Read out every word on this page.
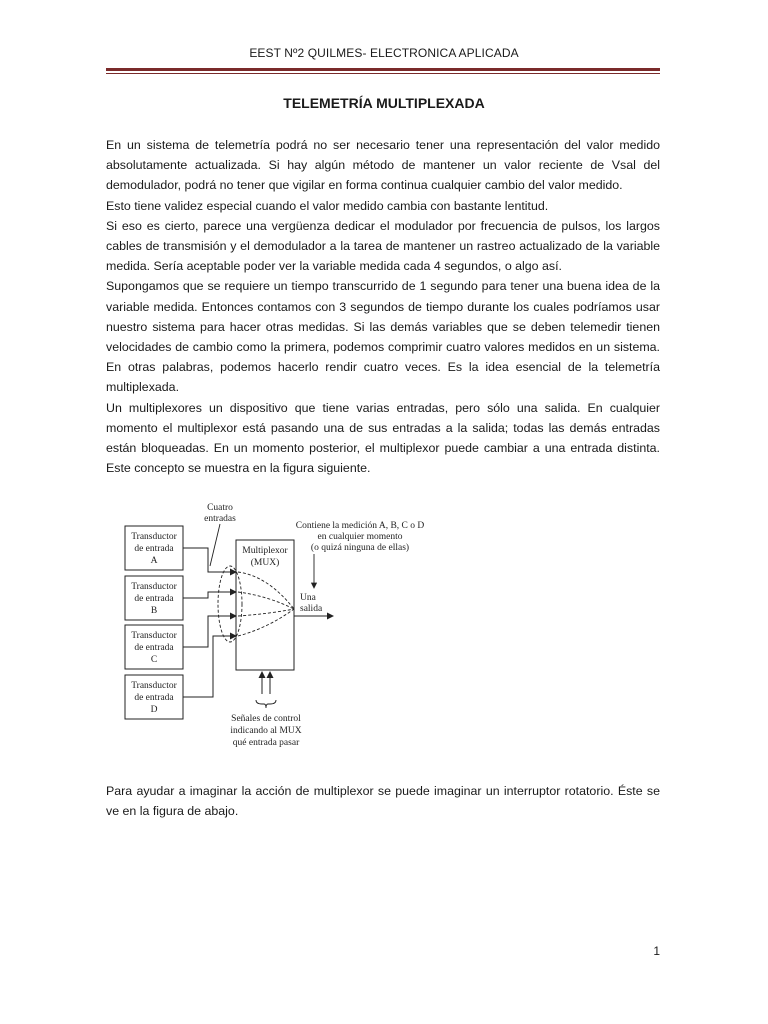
EEST Nº2 QUILMES- ELECTRONICA APLICADA
TELEMETRÍA MULTIPLEXADA

En un sistema de telemetría podrá no ser necesario tener una representación del valor medido absolutamente actualizada. Si hay algún método de mantener un valor reciente de Vsal del demodulador, podrá no tener que vigilar en forma continua cualquier cambio del valor medido.

Esto tiene validez especial cuando el valor medido cambia con bastante lentitud.

Si eso es cierto, parece una vergüenza dedicar el modulador por frecuencia de pulsos, los largos cables de transmisión y el demodulador a la tarea de mantener un rastreo actualizado de la variable medida. Sería aceptable poder ver la variable medida cada 4 segundos, o algo así.

Supongamos que se requiere un tiempo transcurrido de 1 segundo para tener una buena idea de la variable medida. Entonces contamos con 3 segundos de tiempo durante los cuales podríamos usar nuestro sistema para hacer otras medidas. Si las demás variables que se deben telemedir tienen velocidades de cambio como la primera, podemos comprimir cuatro valores medidos en un sistema. En otras palabras, podemos hacerlo rendir cuatro veces. Es la idea esencial de la telemetría multiplexada.

Un multiplexores un dispositivo que tiene varias entradas, pero sólo una salida. En cualquier momento el multiplexor está pasando una de sus entradas a la salida; todas las demás entradas están bloqueadas. En un momento posterior, el multiplexor puede cambiar a una entrada distinta. Este concepto se muestra en la figura siguiente.

Cuatro
entradas
Transductor
de entrada
A
Transductor
de entrada
B
Transductor
de entrada
C
Transductor
de entrada
D
Multiplexor
(MUX)
Una
salida
Contiene la medición A, B, C o D
en cualquier momento
(o quizá ninguna de ellas)
Señales de control
indicando al MUX
qué entrada pasar

Para ayudar a imaginar la acción de multiplexor se puede imaginar un interruptor rotatorio. Éste se ve en la figura de abajo.

1
